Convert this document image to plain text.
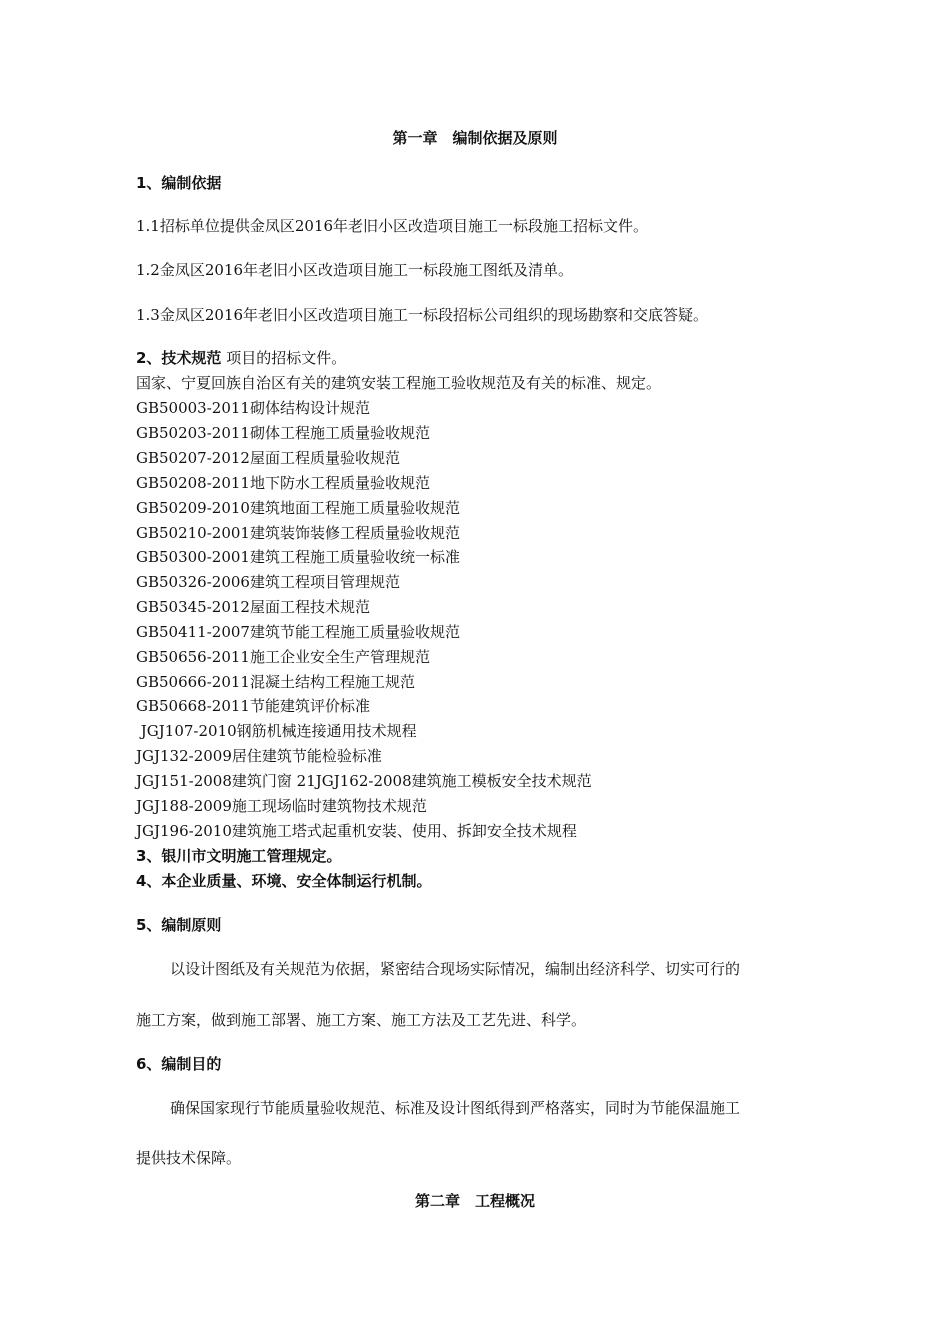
第一章　编制依据及原则
1、编制依据
1.1招标单位提供金凤区2016年老旧小区改造项目施工一标段施工招标文件。
1.2金凤区2016年老旧小区改造项目施工一标段施工图纸及清单。
1.3金凤区2016年老旧小区改造项目施工一标段招标公司组织的现场勘察和交底答疑。
2、技术规范 项目的招标文件。
国家、宁夏回族自治区有关的建筑安装工程施工验收规范及有关的标准、规定。
GB50003-2011砌体结构设计规范
GB50203-2011砌体工程施工质量验收规范
GB50207-2012屋面工程质量验收规范
GB50208-2011地下防水工程质量验收规范
GB50209-2010建筑地面工程施工质量验收规范
GB50210-2001建筑装饰装修工程质量验收规范
GB50300-2001建筑工程施工质量验收统一标准
GB50326-2006建筑工程项目管理规范
GB50345-2012屋面工程技术规范
GB50411-2007建筑节能工程施工质量验收规范
GB50656-2011施工企业安全生产管理规范
GB50666-2011混凝土结构工程施工规范
GB50668-2011节能建筑评价标准
JGJ107-2010钢筋机械连接通用技术规程
JGJ132-2009居住建筑节能检验标准
JGJ151-2008建筑门窗 21JGJ162-2008建筑施工模板安全技术规范
JGJ188-2009施工现场临时建筑物技术规范
JGJ196-2010建筑施工塔式起重机安装、使用、拆卸安全技术规程
3、银川市文明施工管理规定。
4、本企业质量、环境、安全体制运行机制。
5、编制原则
以设计图纸及有关规范为依据，紧密结合现场实际情况，编制出经济科学、切实可行的
施工方案，做到施工部署、施工方案、施工方法及工艺先进、科学。
6、编制目的
确保国家现行节能质量验收规范、标准及设计图纸得到严格落实，同时为节能保温施工
提供技术保障。
第二章　工程概况
